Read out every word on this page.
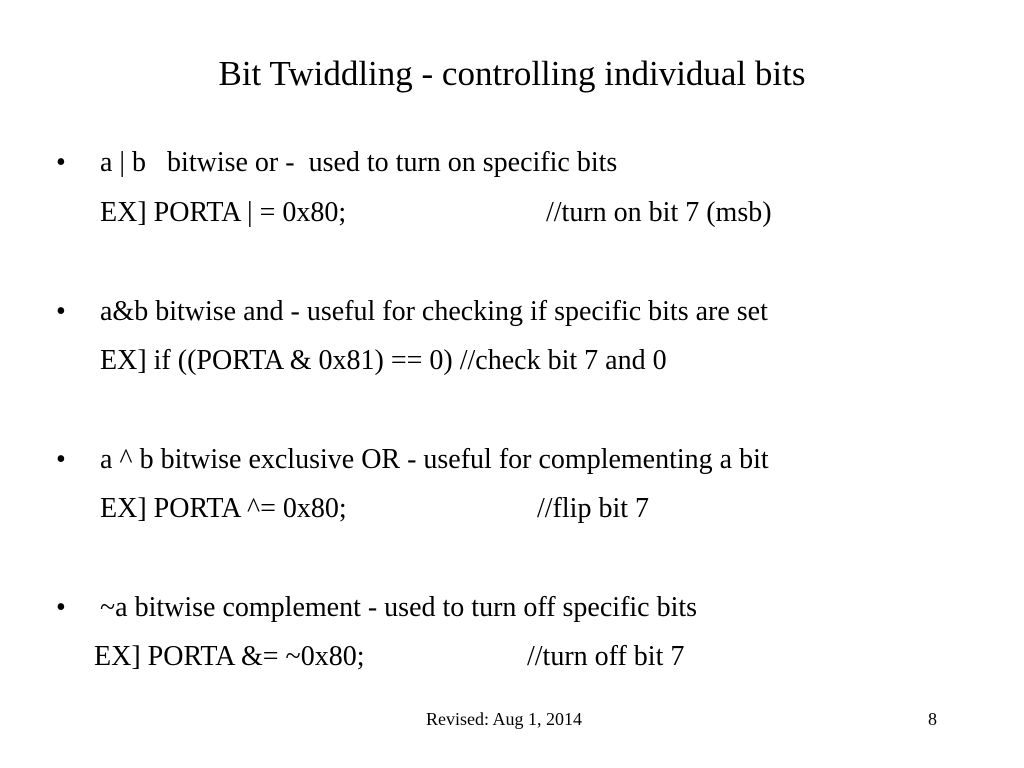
Bit Twiddling - controlling individual bits
• a | b   bitwise or -  used to turn on specific bits
EX] PORTA | = 0x80;	//turn on bit 7 (msb)
• a&b bitwise and - useful for checking if specific bits are set
EX] if ((PORTA & 0x81) == 0) //check bit 7 and 0
• a ^ b bitwise exclusive OR - useful for complementing a bit
EX] PORTA ^= 0x80;	//flip bit 7
• ~a bitwise complement - used to turn off specific bits
EX] PORTA &= ~0x80;	//turn off bit 7
Revised: Aug 1, 2014	8
